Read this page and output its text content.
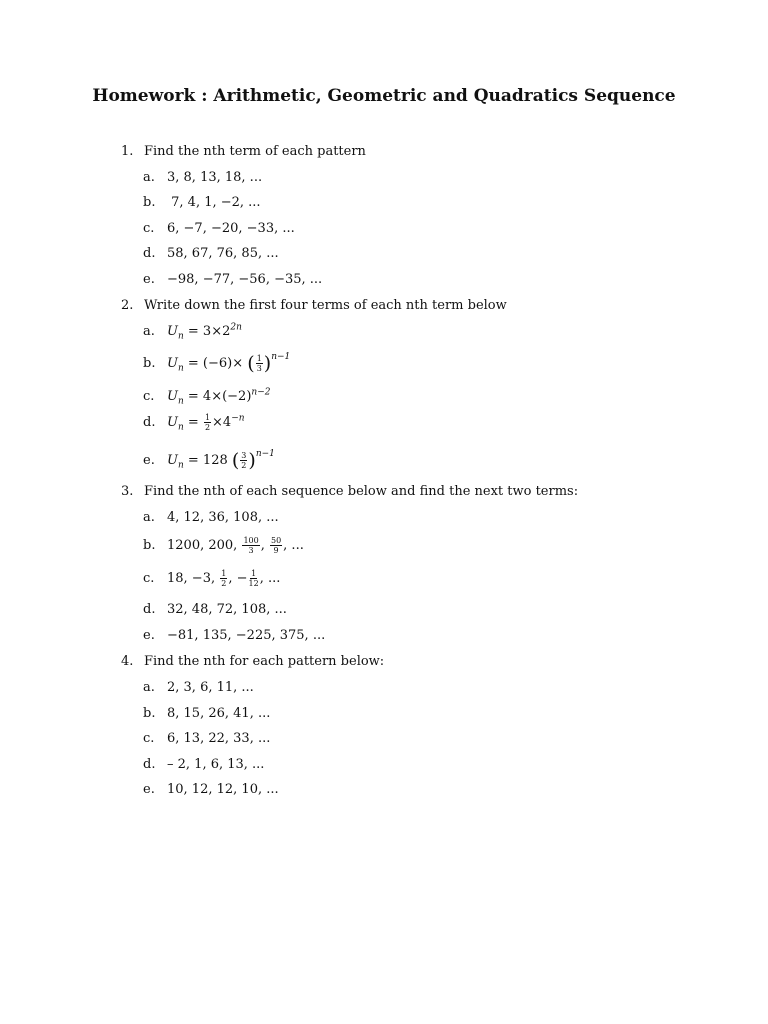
Homework : Arithmetic, Geometric and Quadratics Sequence
1. Find the nth term of each pattern
a. 3, 8, 13, 18, ...
b. 7, 4, 1, −2, ...
c. 6, −7, −20, −33, ...
d. 58, 67, 76, 85, ...
e. −98, −77, −56, −35, ...
2. Write down the first four terms of each nth term below
a. $U_n = 3\times 2^{2n}$
b. $U_n = (-6)\times$ ( $\frac{1}{3} )^{n-1}$
c. $U_n = 4\times(-2)^{n-2}$
d. $U_n = \frac{1}{2} \times 4^{-n}$
e. $U_n = 128$ ( $\frac{3}{2} )^{n-1}$
3. Find the nth of each sequence below and find the next two terms:
a. 4, 12, 36, 108, ...
b. 1200, 200, $\frac{100}{3}$ , $\frac{50}{9}$ , ...
c. 18, −3, $\frac{1}{2}$ , − $\frac{1}{12}$ , ...
d. 32, 48, 72, 108, ...
e. −81, 135, −225, 375, ...
4. Find the nth for each pattern below:
a. 2, 3, 6, 11, ...
b. 8, 15, 26, 41, ...
c. 6, 13, 22, 33, ...
d. – 2, 1, 6, 13, ...
e. 10, 12, 12, 10, ...
